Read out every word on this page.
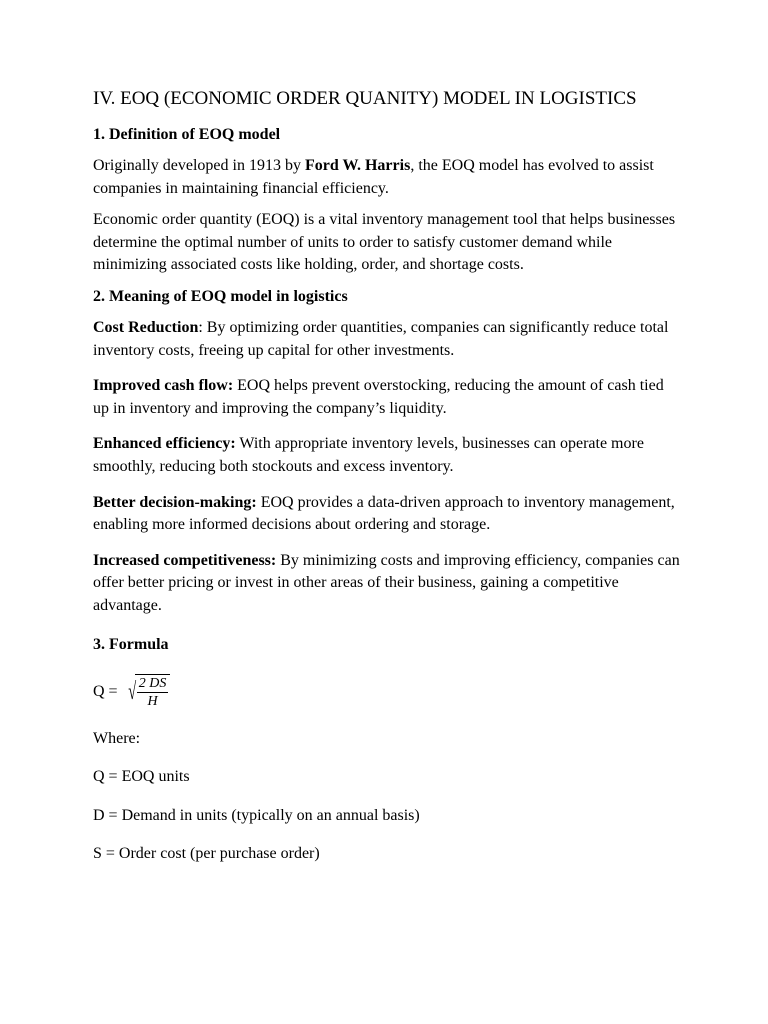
IV. EOQ (ECONOMIC ORDER QUANITY) MODEL IN LOGISTICS
1. Definition of EOQ model

Originally developed in 1913 by Ford W. Harris, the EOQ model has evolved to assist companies in maintaining financial efficiency.

Economic order quantity (EOQ) is a vital inventory management tool that helps businesses determine the optimal number of units to order to satisfy customer demand while minimizing associated costs like holding, order, and shortage costs.

2. Meaning of EOQ model in logistics

Cost Reduction: By optimizing order quantities, companies can significantly reduce total inventory costs, freeing up capital for other investments.

Improved cash flow: EOQ helps prevent overstocking, reducing the amount of cash tied up in inventory and improving the company’s liquidity.

Enhanced efficiency: With appropriate inventory levels, businesses can operate more smoothly, reducing both stockouts and excess inventory.

Better decision-making: EOQ provides a data-driven approach to inventory management, enabling more informed decisions about ordering and storage.

Increased competitiveness: By minimizing costs and improving efficiency, companies can offer better pricing or invest in other areas of their business, gaining a competitive advantage.

3. Formula
Q = √ $\frac{2 DS}{H}$

Where:

Q = EOQ units

D = Demand in units (typically on an annual basis)

S = Order cost (per purchase order)
